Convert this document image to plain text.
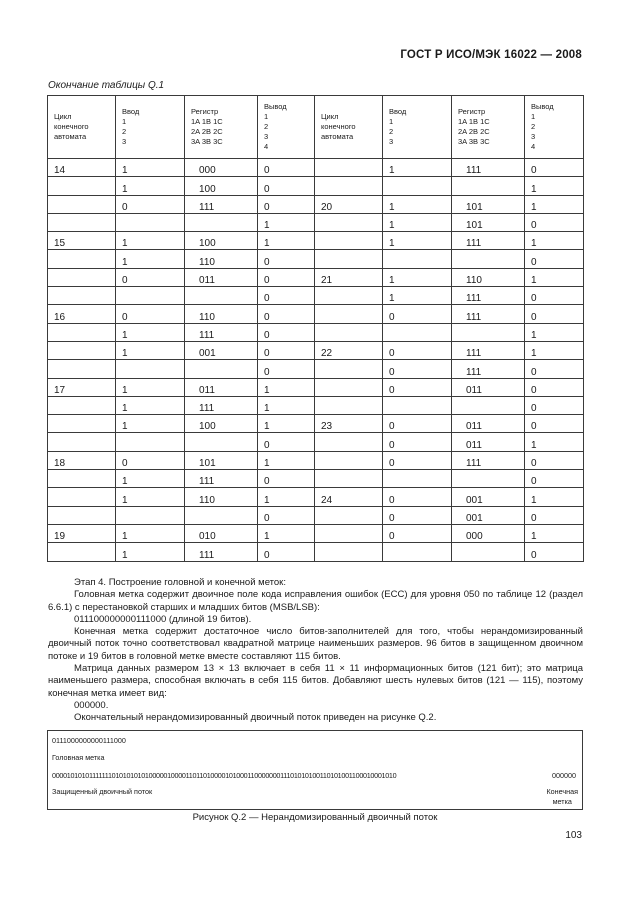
ГОСТ Р ИСО/МЭК 16022 — 2008
Окончание таблицы Q.1
Цикл
конечного
автомата	Ввод
1
2
3	Регистр
1A 1B 1C
2A 2B 2C
3A 3B 3C	Вывод
1
2
3
4	Цикл
конечного
автомата	Ввод
1
2
3	Регистр
1A 1B 1C
2A 2B 2C
3A 3B 3C	Вывод
1
2
3
4

14	1	000	0		1	111	0
	1	100	0				1
	0	111	0	20	1	101	1
			1		1	101	0
15	1	100	1		1	111	1
	1	110	0				0
	0	011	0	21	1	110	1
			0		1	111	0
16	0	110	0		0	111	0
	1	111	0				1
	1	001	0	22	0	111	1
			0		0	111	0
17	1	011	1		0	011	0
	1	111	1				0
	1	100	1	23	0	011	0
			0		0	011	1
18	0	101	1		0	111	0
	1	111	0				0
	1	110	1	24	0	001	1
			0		0	001	0
19	1	010	1		0	000	1
	1	111	0				0

Этап 4. Построение головной и конечной меток:

Головная метка содержит двоичное поле кода исправления ошибок (ECC) для уровня 050 по таблице 12 (раздел 6.6.1) с перестановкой старших и младших битов (MSB/LSB):

011100000000111000 (длиной 19 битов).

Конечная метка содержит достаточное число битов-заполнителей для того, чтобы нерандомизированный двоичный поток точно соответствовал квадратной матрице наименьших размеров. 96 битов в защищенном двоичном потоке и 19 битов в головной метке вместе составляют 115 битов.

Матрица данных размером 13 × 13 включает в себя 11 × 11 информационных битов (121 бит); это матрица наименьшего размера, способная включать в себя 115 битов. Добавляют шесть нулевых битов (121 — 115), поэтому конечная метка имеет вид:

000000.

Окончательный нерандомизированный двоичный поток приведен на рисунке Q.2.

0111000000000111000
Головная метка
00001010101111111010101010100000100001101101000010100011000000011101010100110101001100010001010	000000
Защищенный двоичный поток	Конечная
метка
Рисунок Q.2 — Нерандомизированный двоичный поток
103
